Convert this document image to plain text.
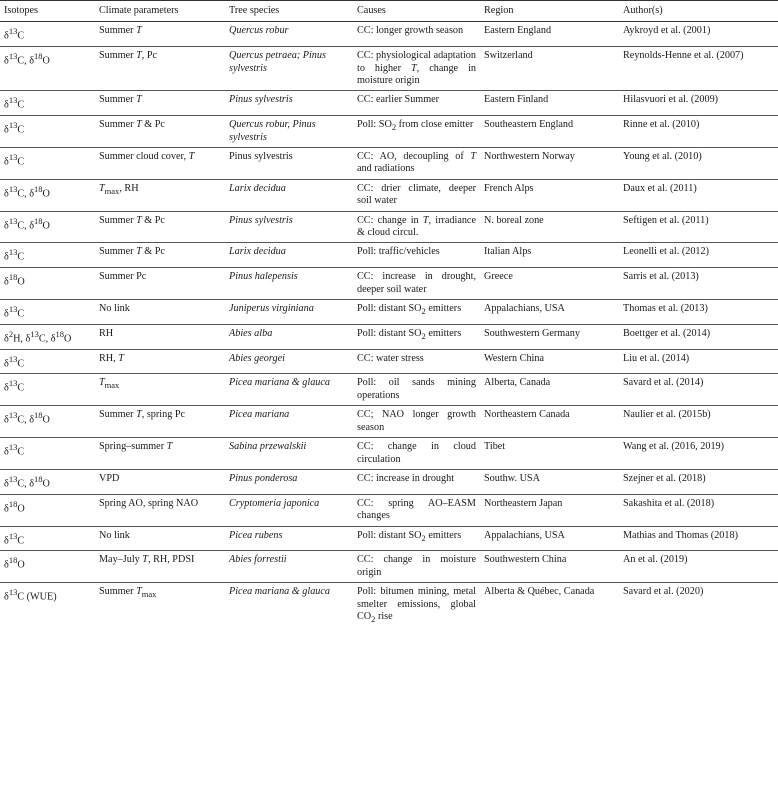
Isotopes	Climate parameters	Tree species	Causes	Region	Author(s)
$\delta^{13}C$	Summer T	Quercus robur	CC: longer growth season	Eastern England	Aykroyd et al. (2001)
$\delta^{13}C$, $\delta^{18}O$	Summer T, Pc	Quercus petraea; Pinus sylvestris	CC: physiological adaptation to higher T, change in moisture origin	Switzerland	Reynolds-Henne et al. (2007)
$\delta^{13}C$	Summer T	Pinus sylvestris	CC: earlier Summer	Eastern Finland	Hilasvuori et al. (2009)
$\delta^{13}C$	Summer T & Pc	Quercus robur, Pinus sylvestris	Poll: $SO_2$ from close emitter	Southeastern England	Rinne et al. (2010)
$\delta^{13}C$	Summer cloud cover, T	Pinus sylvestris	CC: AO, decoupling of T and radiations	Northwestern Norway	Young et al. (2010)
$\delta^{13}C$, $\delta^{18}O$	$T_{max}$, RH	Larix decidua	CC: drier climate, deeper soil water	French Alps	Daux et al. (2011)
$\delta^{13}C$, $\delta^{18}O$	Summer T & Pc	Pinus sylvestris	CC: change in T, irradiance & cloud circul.	N. boreal zone	Seftigen et al. (2011)
$\delta^{13}C$	Summer T & Pc	Larix decidua	Poll: traffic/vehicles	Italian Alps	Leonelli et al. (2012)
$\delta^{18}O$	Summer Pc	Pinus halepensis	CC: increase in drought, deeper soil water	Greece	Sarris et al. (2013)
$\delta^{13}C$	No link	Juniperus virginiana	Poll: distant $SO_2$ emitters	Appalachians, USA	Thomas et al. (2013)
$\delta^2H$, $\delta^{13}C$, $\delta^{18}O$	RH	Abies alba	Poll: distant $SO_2$ emitters	Southwestern Germany	Boettger et al. (2014)
$\delta^{13}C$	RH, T	Abies georgei	CC: water stress	Western China	Liu et al. (2014)
$\delta^{13}C$	$T_{max}$	Picea mariana & glauca	Poll: oil sands mining operations	Alberta, Canada	Savard et al. (2014)
$\delta^{13}C$, $\delta^{18}O$	Summer T, spring Pc	Picea mariana	CC; NAO longer growth season	Northeastern Canada	Naulier et al. (2015b)
$\delta^{13}C$	Spring–summer T	Sabina przewalskii	CC: change in cloud circulation	Tibet	Wang et al. (2016, 2019)
$\delta^{13}C$, $\delta^{18}O$	VPD	Pinus ponderosa	CC: increase in drought	Southw. USA	Szejner et al. (2018)
$\delta^{18}O$	Spring AO, spring NAO	Cryptomeria japonica	CC: spring AO–EASM changes	Northeastern Japan	Sakashita et al. (2018)
$\delta^{13}C$	No link	Picea rubens	Poll: distant $SO_2$ emitters	Appalachians, USA	Mathias and Thomas (2018)
$\delta^{18}O$	May–July T, RH, PDSI	Abies forrestii	CC: change in moisture origin	Southwestern China	An et al. (2019)
$\delta^{13}C$ (WUE)	Summer $T_{max}$	Picea mariana & glauca	Poll: bitumen mining, metal smelter emissions, global $CO_2$ rise	Alberta & Québec, Canada	Savard et al. (2020)
